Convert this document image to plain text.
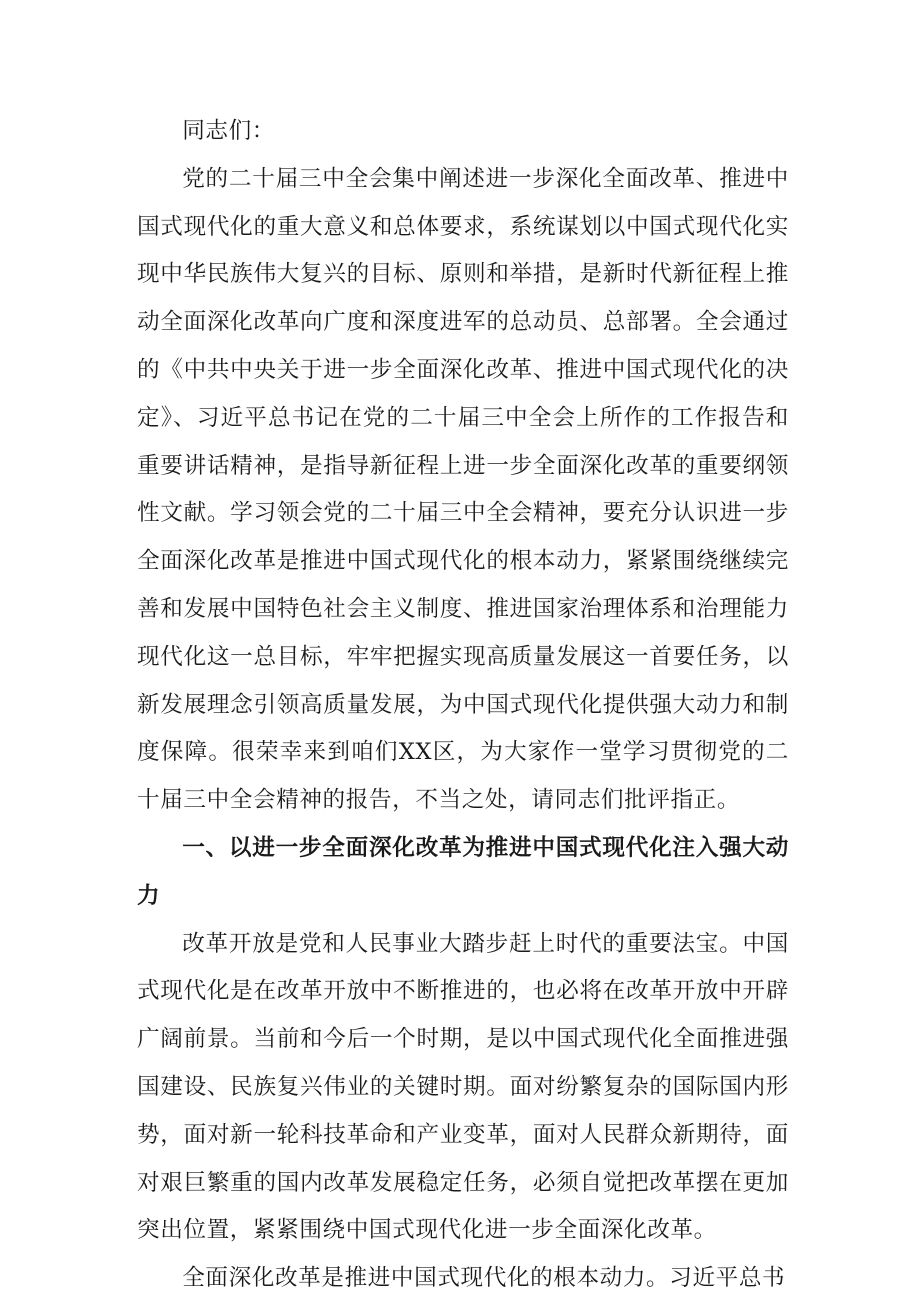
同志们：

党的二十届三中全会集中阐述进一步深化全面改革、推进中国式现代化的重大意义和总体要求，系统谋划以中国式现代化实现中华民族伟大复兴的目标、原则和举措，是新时代新征程上推动全面深化改革向广度和深度进军的总动员、总部署。全会通过的《中共中央关于进一步全面深化改革、推进中国式现代化的决定》、习近平总书记在党的二十届三中全会上所作的工作报告和重要讲话精神，是指导新征程上进一步全面深化改革的重要纲领性文献。学习领会党的二十届三中全会精神，要充分认识进一步全面深化改革是推进中国式现代化的根本动力，紧紧围绕继续完善和发展中国特色社会主义制度、推进国家治理体系和治理能力现代化这一总目标，牢牢把握实现高质量发展这一首要任务，以新发展理念引领高质量发展，为中国式现代化提供强大动力和制度保障。很荣幸来到咱们XX区，为大家作一堂学习贯彻党的二十届三中全会精神的报告，不当之处，请同志们批评指正。

一、以进一步全面深化改革为推进中国式现代化注入强大动力

改革开放是党和人民事业大踏步赶上时代的重要法宝。中国式现代化是在改革开放中不断推进的，也必将在改革开放中开辟广阔前景。当前和今后一个时期，是以中国式现代化全面推进强国建设、民族复兴伟业的关键时期。面对纷繁复杂的国际国内形势，面对新一轮科技革命和产业变革，面对人民群众新期待，面对艰巨繁重的国内改革发展稳定任务，必须自觉把改革摆在更加突出位置，紧紧围绕中国式现代化进一步全面深化改革。

全面深化改革是推进中国式现代化的根本动力。习近平总书
